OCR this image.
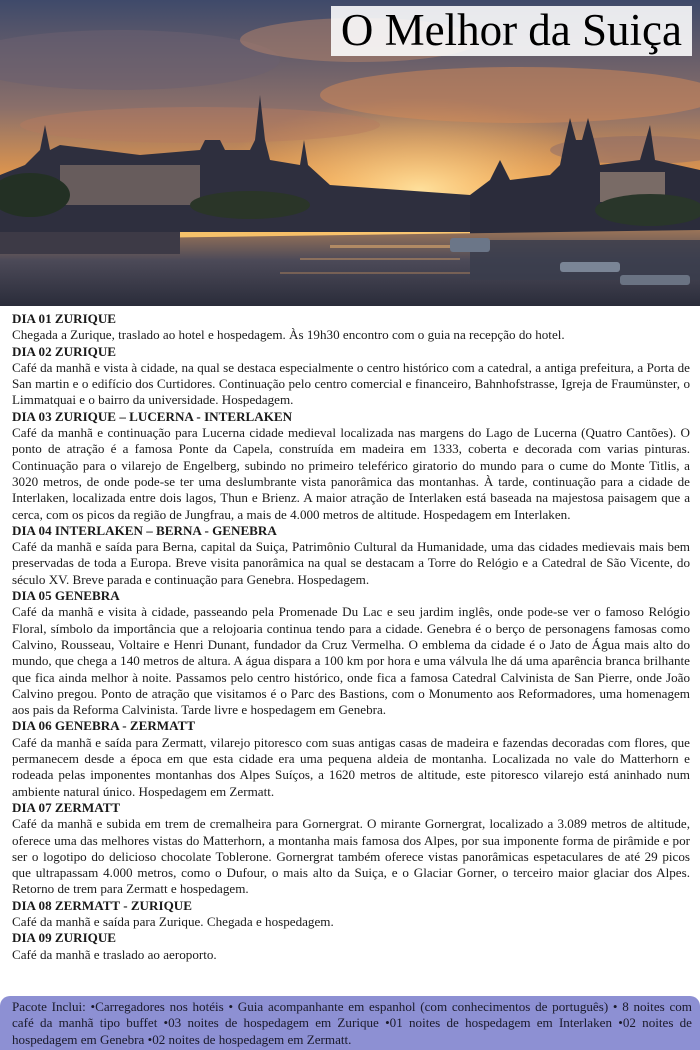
O Melhor da Suiça
DIA 01 ZURIQUE
Chegada a Zurique, traslado ao hotel e hospedagem. Às 19h30 encontro com o guia na recepção do hotel.
DIA 02 ZURIQUE
Café da manhã e vista à cidade, na qual se destaca especialmente o centro histórico com a catedral, a antiga prefeitura, a Porta de San martin e o edifício dos Curtidores. Continuação pelo centro comercial e financeiro, Bahnhofstrasse, Igreja de Fraumünster, o Limmatquai e o bairro da universidade. Hospedagem.
DIA 03 ZURIQUE – LUCERNA - INTERLAKEN
Café da manhã e continuação para Lucerna cidade medieval localizada nas margens do Lago de Lucerna (Quatro Cantões). O ponto de atração é a famosa Ponte da Capela, construída em madeira em 1333, coberta e decorada com varias pinturas. Continuação para o vilarejo de Engelberg, subindo no primeiro teleférico giratorio do mundo para o cume do Monte Titlis, a 3020 metros, de onde pode-se ter uma deslumbrante vista panorâmica das montanhas. À tarde, continuação para a cidade de Interlaken, localizada entre dois lagos, Thun e Brienz. A maior atração de Interlaken está baseada na majestosa paisagem que a cerca, com os picos da região de Jungfrau, a mais de 4.000 metros de altitude. Hospedagem em Interlaken.
DIA 04 INTERLAKEN – BERNA - GENEBRA
Café da manhã e saída para Berna, capital da Suiça, Patrimônio Cultural da Humanidade, uma das cidades medievais mais bem preservadas de toda a Europa. Breve visita panorâmica na qual se destacam a Torre do Relógio e a Catedral de São Vicente, do século XV. Breve parada e continuação para Genebra. Hospedagem.
DIA 05 GENEBRA
Café da manhã e visita à cidade, passeando pela Promenade Du Lac e seu jardim inglês, onde pode-se ver o famoso Relógio Floral, símbolo da importância que a relojoaria continua tendo para a cidade. Genebra é o berço de personagens famosas como Calvino, Rousseau, Voltaire e Henri Dunant, fundador da Cruz Vermelha. O emblema da cidade é o Jato de Água mais alto do mundo, que chega a 140 metros de altura. A água dispara a 100 km por hora e uma válvula lhe dá uma aparência branca brilhante que fica ainda melhor à noite. Passamos pelo centro histórico, onde fica a famosa Catedral Calvinista de San Pierre, onde João Calvino pregou. Ponto de atração que visitamos é o Parc des Bastions, com o Monumento aos Reformadores, uma homenagem aos pais da Reforma Calvinista. Tarde livre e hospedagem em Genebra.
DIA 06 GENEBRA - ZERMATT
Café da manhã e saída para Zermatt, vilarejo pitoresco com suas antigas casas de madeira e fazendas decoradas com flores, que permanecem desde a época em que esta cidade era uma pequena aldeia de montanha. Localizada no vale do Matterhorn e rodeada pelas imponentes montanhas dos Alpes Suíços, a 1620 metros de altitude, este pitoresco vilarejo está aninhado num ambiente natural único. Hospedagem em Zermatt.
DIA 07 ZERMATT
Café da manhã e subida em trem de cremalheira para Gornergrat. O mirante Gornergrat, localizado a 3.089 metros de altitude, oferece uma das melhores vistas do Matterhorn, a montanha mais famosa dos Alpes, por sua imponente forma de pirâmide e por ser o logotipo do delicioso chocolate Toblerone. Gornergrat também oferece vistas panorâmicas espetaculares de até 29 picos que ultrapassam 4.000 metros, como o Dufour, o mais alto da Suiça, e o Glaciar Gorner, o terceiro maior glaciar dos Alpes. Retorno de trem para Zermatt e hospedagem.
DIA 08 ZERMATT - ZURIQUE
Café da manhã e saída para Zurique. Chegada e hospedagem.
DIA 09 ZURIQUE
Café da manhã e traslado ao aeroporto.
Pacote Inclui: •Carregadores nos hotéis • Guia acompanhante em espanhol (com conhecimentos de português) • 8 noites com café da manhã tipo buffet •03 noites de hospedagem em Zurique •01 noites de hospedagem em Interlaken •02 noites de hospedagem em Genebra •02 noites de hospedagem em Zermatt.
